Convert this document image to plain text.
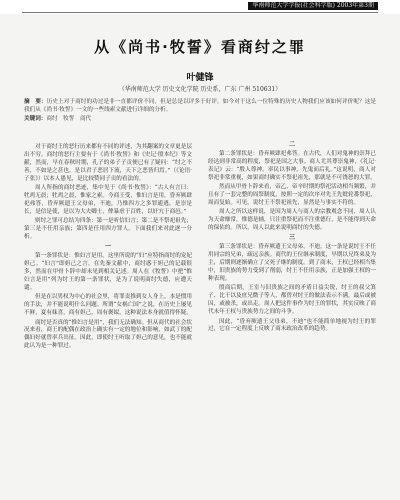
华南师范大学学报(社会科学版) 2003年第3期
从《尚书·牧誓》看商纣之罪
叶健锋
（华南师范大学 历史文化学院 历史系，广东 广州 510631）
摘　要：历史上对于商纣的功过是非一直都评价不同，但是总是以评多于好评，如今对于这么一位特殊的历史人物我们应该如何评价呢？这是我们从《尚书·牧誓》一文的一些线索文献进行详细的分析。
关键词：商纣　牧誓　商代

对于商纣王的恶行历来都有不同的评述，为其翻案的文章更是层出不穷。商纣的恶行主要有于《尚书·牧誓》和《史记·殷本纪》等文献，然而，早在春秋时期，孔子的弟子子贡便已有了疑问：“纣之不善，不如是之甚也。是以君子恶居下流，天下之恶皆归焉。”（《论语·子张》）以本人愚见，是比较赞同子贡的看法的。

周人所指的商纣恶迹，集中见于《尚书·牧誓》：“古人有言曰：牝鸡无晨；牝鸡之晨，惟家之索。今商王受，惟妇言是用，昏弃厥肆祀弗答，昏弃厥遗王父母弟，不迪，乃惟四方之多罪逋逃，是崇是长，是信是使，是以为大夫卿士，俾暴虐于百姓，以奸宄于商邑。”

则纣之罪可总结为四条：第一是听信妇言；第二是不祭祀祖先；第三是不任用亲族；第四是任用四方罪人。下面我们来对此逐一分析。

一

第一条罪状是：惟妇言是用。这里所说的“妇”应特指商纣的宠妃妲己。“妇言”即妲己之言。在先秦文献中，商纣惑于妲己的记载很多，然而在甲骨卜辞中却未见到相关记述。周人在《牧誓》中把“惟妇言是用”列为纣王的第一条罪状，是为了说明商纣失德，应遭天谴。

但是在以男权为中心的社会里，将罪责推到女人身上，本是惯用的手法，并不能说明什么问题。所谓“女祸亡国”之说，在历史上屡见不鲜，夏有妺喜，商有妲己，周有褒姒，这种说法本身就值得怀疑。

商纣是否真的“惟妇言是用”，我们无法确知。但从商代的社会状况来看，商王的配偶在政治上确实有一定的地位和影响，如武丁的配偶妇好就曾率兵出征。因此，即使纣王听取了妲己的意见，也不能就此认为是一种罪过。

二

第二条罪状是：昏弃厥肆祀弗答。在古代，人们对鬼神的崇拜已经达到非常高的程度，祭祀是国之大事。商人尤其尊崇鬼神，《礼记·表记》云：“殷人尊神，率民以事神，先鬼而后礼。”这说明，商人对祭祀非常重视，如果商纣确实不祭祀祖先，那就是不可饶恕的大罪。

然而从甲骨卜辞来看，帝乙、帝辛时期的祭祀活动相当频繁，并且有了一套完整的周祭制度，按照一定的次序对先王先妣轮番祭祀，周而复始。可见，说纣王不祭祀祖先，显然是与事实不符的。

周人之所以这样说，是因为周人与商人的宗教观念不同，周人认为天命靡常，惟德是辅，只注重祭祀而不注重德行，是不能得到天命的保佑的。所以，周人以此来说明商纣的失德。

三

第三条罪状是：昏弃厥遗王父母弟，不迪。这一条是说纣王不任用同宗的兄弟，疏远亲族。商代的王位继承制度，早期以兄终弟及为主，后期则逐渐确立了父死子继的制度。到了商末，王权已经相当集中，旧贵族的势力受到了削弱，纣王不任用亲族，正是加强王权的一种表现。

殷商后期，王室与旧贵族之间的矛盾日益尖锐，纣王的叔父箕子、比干以及庶兄微子等人，都曾对纣王的做法表示不满，最后或被囚，或被杀，或出走。周人把这件事作为纣王的罪状，其实反映了商代末年王权与贵族势力之间的斗争。

因此，“昏弃厥遗王父母弟，不迪”也不能简单地视为纣王的罪过，它在一定程度上反映了商末政治改革的趋势。
